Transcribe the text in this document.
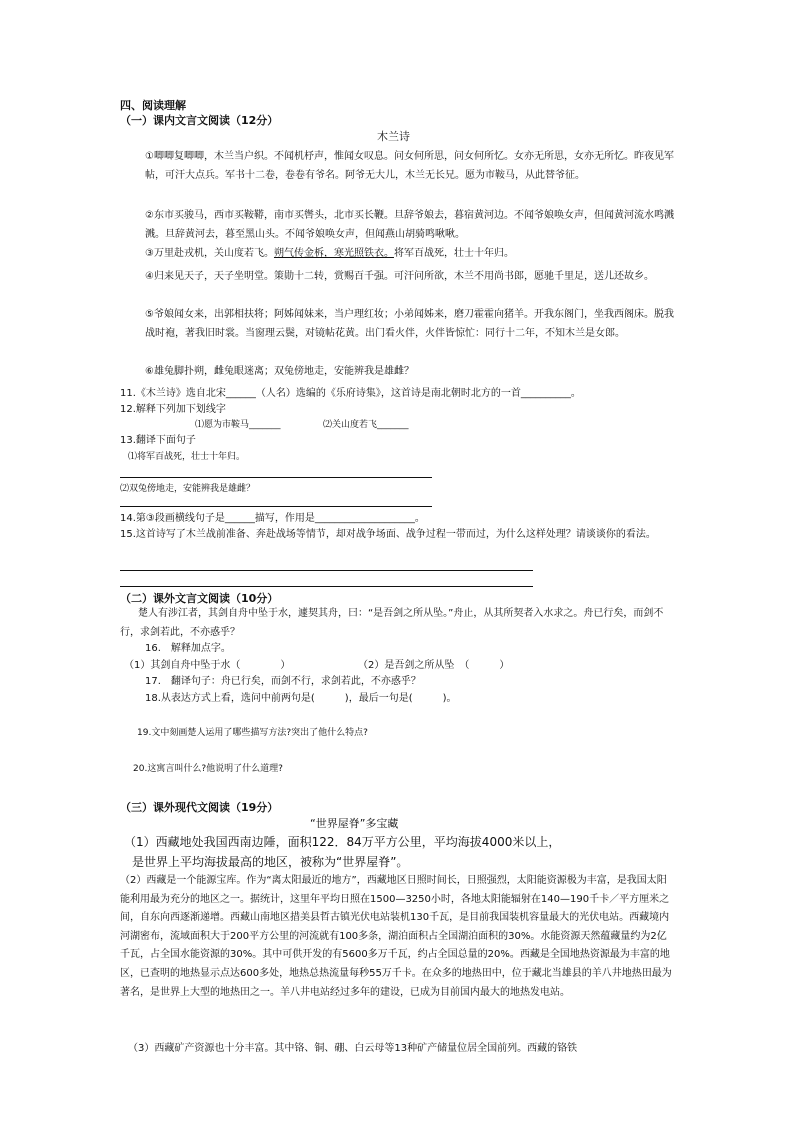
四、阅读理解
（一）课内文言文阅读（12分）
木兰诗
①唧唧复唧唧，木兰当户织。不闻机杼声，惟闻女叹息。问女何所思，问女何所忆。女亦无所思，女亦无所忆。昨夜见军帖，可汗大点兵。军书十二卷，卷卷有爷名。阿爷无大儿，木兰无长兄。愿为市鞍马，从此替爷征。
②东市买骏马，西市买鞍鞯，南市买辔头，北市买长鞭。旦辞爷娘去，暮宿黄河边。不闻爷娘唤女声，但闻黄河流水鸣溅溅。旦辞黄河去，暮至黑山头。不闻爷娘唤女声，但闻燕山胡骑鸣啾啾。
③万里赴戎机，关山度若飞。朔气传金柝，寒光照铁衣。将军百战死，壮士十年归。
④归来见天子，天子坐明堂。策勋十二转，赏赐百千强。可汗问所欲，木兰不用尚书郎，愿驰千里足，送儿还故乡。
⑤爷娘闻女来，出郭相扶将；阿姊闻妹来，当户理红妆；小弟闻姊来，磨刀霍霍向猪羊。开我东阁门，坐我西阁床。脱我战时袍，著我旧时裳。当窗理云鬓，对镜帖花黄。出门看火伴，火伴皆惊忙：同行十二年，不知木兰是女郎。
⑥雄兔脚扑朔，雌兔眼迷离；双兔傍地走，安能辨我是雄雌？
11.《木兰诗》选自北宋______（人名）选编的《乐府诗集》，这首诗是南北朝时北方的一首__________。
12.解释下列加下划线字
⑴愿为市鞍马_______	⑵关山度若飞_______
13.翻译下面句子
⑴将军百战死，壮士十年归。
⑵双兔傍地走，安能辨我是雄雌？
14.第③段画横线句子是______描写，作用是____________________。
15.这首诗写了木兰战前准备、奔赴战场等情节，却对战争场面、战争过程一带而过，为什么这样处理？请谈谈你的看法。
（二）课外文言文阅读（10分）
楚人有涉江者，其剑自舟中坠于水，遽契其舟，曰：“是吾剑之所从坠。”舟止，从其所契者入水求之。舟已行矣，而剑不行，求剑若此，不亦惑乎？
16.　解释加点字。
（1）其剑自舟中坠于水（　　　　）	（2）是吾剑之所从坠　（　　　）
17.　翻译句子：舟已行矣，而剑不行，求剑若此，不亦惑乎？
18.从表达方式上看，选问中前两句是(　　　)，最后一句是(　　　)。
19.文中刻画楚人运用了哪些描写方法?突出了他什么特点?
20.这寓言叫什么?他说明了什么道理?
（三）课外现代文阅读（19分）
“世界屋脊”多宝藏
（1）西藏地处我国西南边陲，面积122．84万平方公里，平均海拔4000米以上，
是世界上平均海拔最高的地区，被称为“世界屋脊”。
（2）西藏是一个能源宝库。作为“离太阳最近的地方”，西藏地区日照时间长，日照强烈，太阳能资源极为丰富，是我国太阳能利用最为充分的地区之一。据统计，这里年平均日照在1500—3250小时，各地太阳能辐射在140—190千卡／平方厘米之间，自东向西逐渐递增。西藏山南地区措美县哲古镇光伏电站装机130千瓦，是目前我国装机容量最大的光伏电站。西藏境内河湖密布，流域面积大于200平方公里的河流就有100多条，湖泊面积占全国湖泊面积的30%。水能资源天然蕴藏量约为2亿千瓦，占全国水能资源的30%。其中可供开发的有5600多万千瓦，约占全国总量的20%。西藏是全国地热资源最为丰富的地区，已查明的地热显示点达600多处，地热总热流量每秒55万千卡。在众多的地热田中，位于藏北当雄县的羊八井地热田最为著名，是世界上大型的地热田之一。羊八井电站经过多年的建设，已成为目前国内最大的地热发电站。
（3）西藏矿产资源也十分丰富。其中铬、铜、硼、白云母等13种矿产储量位居全国前列。西藏的铬铁
